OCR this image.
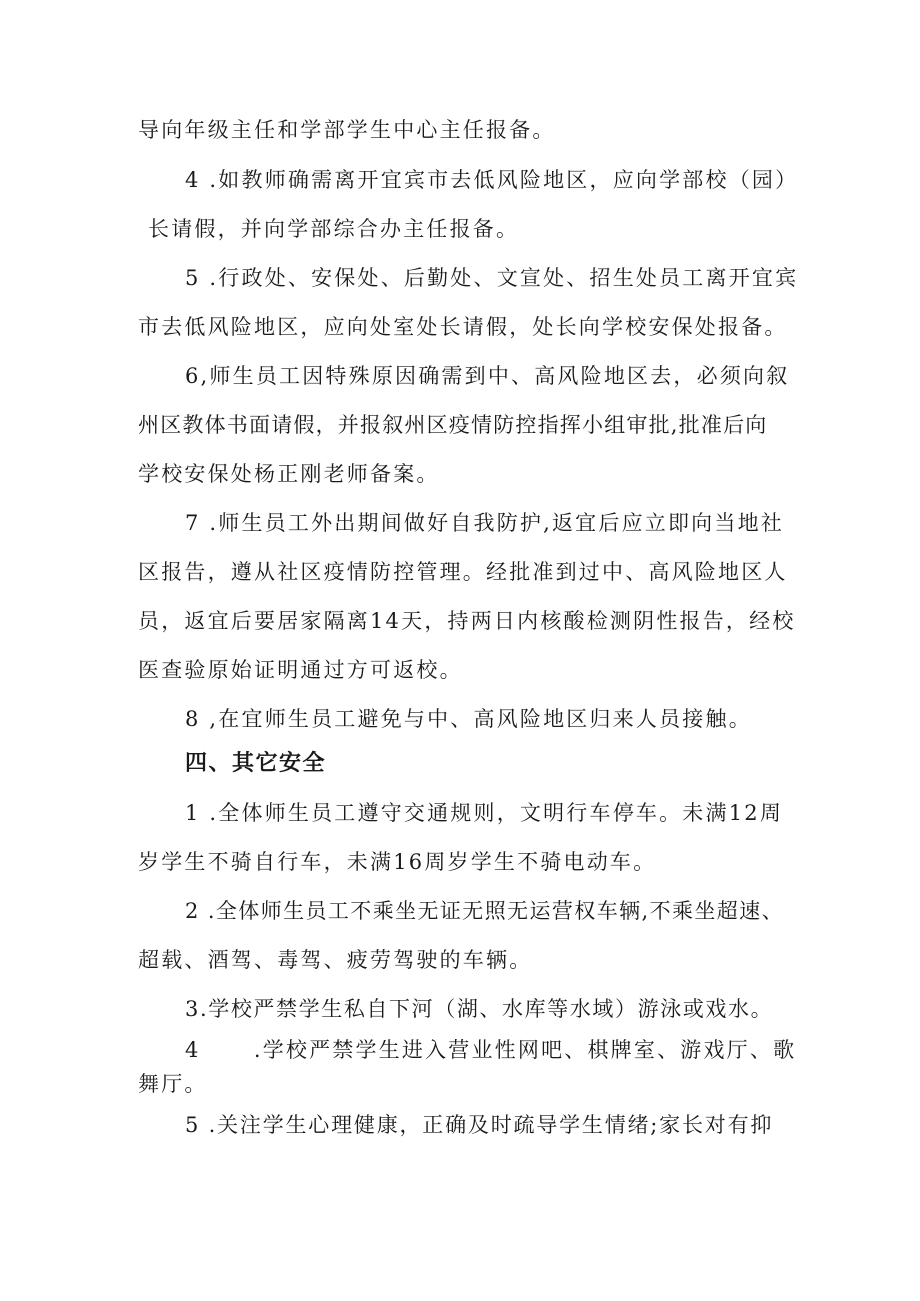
导向年级主任和学部学生中心主任报备。
4 .如教师确需离开宜宾市去低风险地区，应向学部校（园）
长请假，并向学部综合办主任报备。
5 .行政处、安保处、后勤处、文宣处、招生处员工离开宜宾
市去低风险地区，应向处室处长请假，处长向学校安保处报备。
6,师生员工因特殊原因确需到中、高风险地区去，必须向叙
州区教体书面请假，并报叙州区疫情防控指挥小组审批,批准后向
学校安保处杨正刚老师备案。
7 .师生员工外出期间做好自我防护,返宜后应立即向当地社
区报告，遵从社区疫情防控管理。经批准到过中、高风险地区人
员，返宜后要居家隔离14天，持两日内核酸检测阴性报告，经校
医查验原始证明通过方可返校。
8 ,在宜师生员工避免与中、高风险地区归来人员接触。
四、其它安全
1 .全体师生员工遵守交通规则，文明行车停车。未满12周
岁学生不骑自行车，未满16周岁学生不骑电动车。
2 .全体师生员工不乘坐无证无照无运营权车辆,不乘坐超速、
超载、酒驾、毒驾、疲劳驾驶的车辆。
3.学校严禁学生私自下河（湖、水库等水域）游泳或戏水。
4      .学校严禁学生进入营业性网吧、棋牌室、游戏厅、歌
舞厅。
5 .关注学生心理健康，正确及时疏导学生情绪;家长对有抑
